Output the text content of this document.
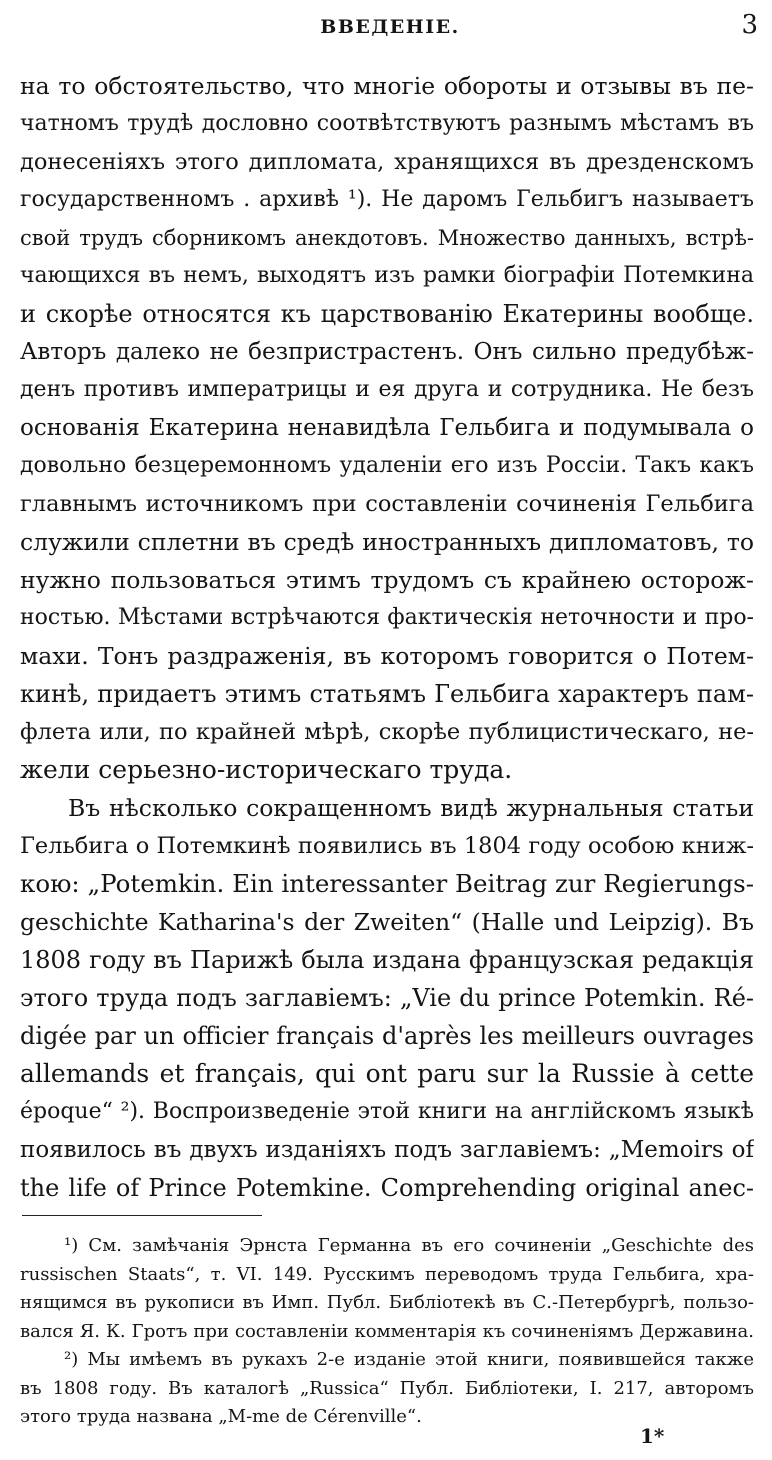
ВВЕДЕНІЕ.	3
на то обстоятельство, что многіе обороты и отзывы въ пе-
чатномъ трудѣ дословно соотвѣтствуютъ разнымъ мѣстамъ въ
донесеніяхъ этого дипломата, хранящихся въ дрезденскомъ
государственномъ . архивѣ ¹). Не даромъ Гельбигъ называетъ
свой трудъ сборникомъ анекдотовъ. Множество данныхъ, встрѣ-
чающихся въ немъ, выходятъ изъ рамки біографіи Потемкина
и скорѣе относятся къ царствованію Екатерины вообще.
Авторъ далеко не безпристрастенъ. Онъ сильно предубѣж-
денъ противъ императрицы и ея друга и сотрудника. Не безъ
основанія Екатерина ненавидѣла Гельбига и подумывала о
довольно безцеремонномъ удаленіи его изъ Россіи. Такъ какъ
главнымъ источникомъ при составленіи сочиненія Гельбига
служили сплетни въ средѣ иностранныхъ дипломатовъ, то
нужно пользоваться этимъ трудомъ съ крайнею осторож-
ностью. Мѣстами встрѣчаются фактическія неточности и про-
махи. Тонъ раздраженія, въ которомъ говорится о Потем-
кинѣ, придаетъ этимъ статьямъ Гельбига характеръ пам-
флета или, по крайней мѣрѣ, скорѣе публицистическаго, не-
жели серьезно-историческаго труда.
Въ нѣсколько сокращенномъ видѣ журнальныя статьи
Гельбига о Потемкинѣ появились въ 1804 году особою книж-
кою: „Potemkin. Ein interessanter Beitrag zur Regierungs-
geschichte Katharina's der Zweiten“ (Halle und Leipzig). Въ
1808 году въ Парижѣ была издана французская редакція
этого труда подъ заглавіемъ: „Vie du prince Potemkin. Ré-
digée par un officier français d'après les meilleurs ouvrages
allemands et français, qui ont paru sur la Russie à cette
époque“ ²). Воспроизведеніе этой книги на англійскомъ языкѣ
появилось въ двухъ изданіяхъ подъ заглавіемъ: „Memoirs of
the life of Prince Potemkine. Comprehending original anec-
¹) См. замѣчанія Эрнста Германна въ его сочиненіи „Geschichte des
russischen Staats“, т. VI. 149. Русскимъ переводомъ труда Гельбига, хра-
нящимся въ рукописи въ Имп. Публ. Библіотекѣ въ С.-Петербургѣ, пользо-
вался Я. К. Гротъ при составленіи комментарія къ сочиненіямъ Державина.
²) Мы имѣемъ въ рукахъ 2-е изданіе этой книги, появившейся также
въ 1808 году. Въ каталогѣ „Russica“ Публ. Библіотеки, I. 217, авторомъ
этого труда названа „M-me de Cérenville“.
1*
